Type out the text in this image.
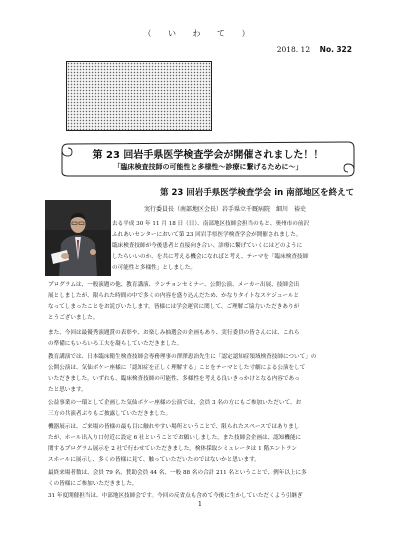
（ い わ て ）
2018. 12 No. 322
第 23 回岩手県医学検査学会が開催されました！！
「臨床検査技師の可能性と多様性～診療に繋げるために～」
第 23 回岩手県医学検査学会 in 南部地区を終えて
実行委員長（南部地区会長）岩手県立千厩病院　細川　裕史
去る平成 30 年 11 月 18 日（日）、南部地区技師会担当のもと、奥州市の前沢
ふれあいセンターにおいて第 23 回岩手県医学検査学会が開催されました。
臨床検査技師が今後患者と直接向き合い、診療に繋げていくにはどのように
したらいいのか、を共に考える機会になればと考え、テーマを「臨床検査技師
の可能性と多様性」としました。
プログラムは、一般演題の他、教育講演、ランチョンセミナー、公開公演、メーカー出展、技師会出
展としましたが、限られた時間の中で多くの内容を盛り込んだため、かなりタイトなスケジュールと
なってしまったことをお詫びいたします。皆様には学会運営に関して、ご理解ご協力いただきありが
とうございました。
また、今回は最優秀演題賞の表彰や、お楽しみ抽選会の企画もあり、実行委員の皆さんには、これら
の準備にもいろいろ工夫を凝らしていただきました。
教育講演では、日本臨床衛生検査技師会専務理事の澤澤恵治先生に「認定認知症領域検査技師について」の
公開公演は、気仙ボケー座様に「認知症を正しく理解する」ことをテーマとした寸劇による公演をして
いただきました。いずれも、臨床検査技師の可能性、多様性を考える良いきっかけとなる内容であっ
たと思います。
公益事業の一環として企画した気仙ボケー座様の公演では、会員 3 名の方にもご参加いただいて、お
三方の共演者ぶりもご披露していただきました。
機器展示は、ご来場の皆様の最も目に触れやすい場所ということで、限られたスペースではありまし
たが、ホール出入り口付近に設定 6 社ということでお願いしました。また技師会企画は、認知機能に
関するプログラム展示を 2 社で行わせていただきました。検体採取シミュレータは 1 階エントラン
スホールに展示し、多くの皆様に見て、触っていただいたのではないかと思います。
最終来場者数は、会員 79 名、賛助会員 44 名、一般 88 名の合計 211 名ということで、例年以上に多
くの皆様にご参加いただきました。
31 年度開催担当は、中部地区技師会です。今回の反省点も含めて今後に生かしていただくよう引継ぎ
1
